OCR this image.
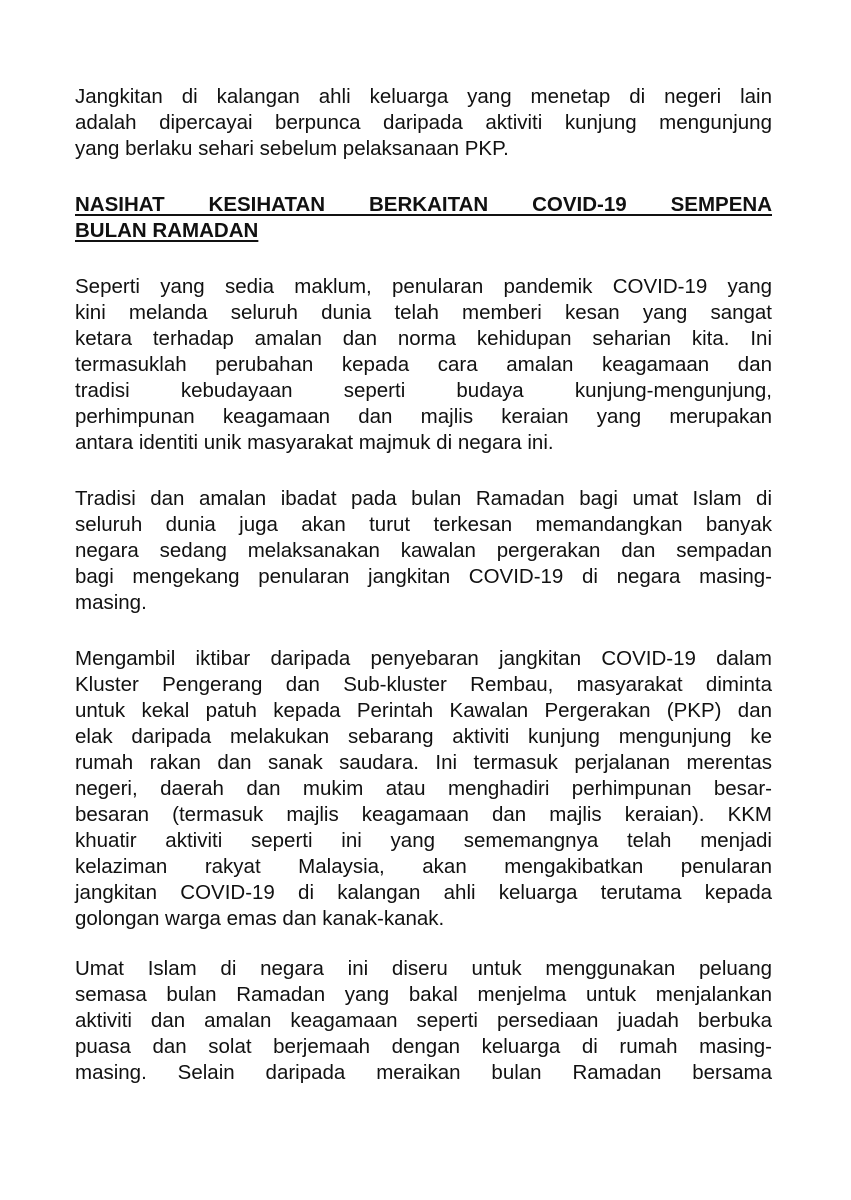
Jangkitan di kalangan ahli keluarga yang menetap di negeri lain
adalah dipercayai berpunca daripada aktiviti kunjung mengunjung
yang berlaku sehari sebelum pelaksanaan PKP.
NASIHAT KESIHATAN BERKAITAN COVID-19 SEMPENA
BULAN RAMADAN
Seperti yang sedia maklum, penularan pandemik COVID-19 yang
kini melanda seluruh dunia telah memberi kesan yang sangat
ketara terhadap amalan dan norma kehidupan seharian kita. Ini
termasuklah perubahan kepada cara amalan keagamaan dan
tradisi kebudayaan seperti budaya kunjung-mengunjung,
perhimpunan keagamaan dan majlis keraian yang merupakan
antara identiti unik masyarakat majmuk di negara ini.
Tradisi dan amalan ibadat pada bulan Ramadan bagi umat Islam di
seluruh dunia juga akan turut terkesan memandangkan banyak
negara sedang melaksanakan kawalan pergerakan dan sempadan
bagi mengekang penularan jangkitan COVID-19 di negara masing-
masing.
Mengambil iktibar daripada penyebaran jangkitan COVID-19 dalam
Kluster Pengerang dan Sub-kluster Rembau, masyarakat diminta
untuk kekal patuh kepada Perintah Kawalan Pergerakan (PKP) dan
elak daripada melakukan sebarang aktiviti kunjung mengunjung ke
rumah rakan dan sanak saudara. Ini termasuk perjalanan merentas
negeri, daerah dan mukim atau menghadiri perhimpunan besar-
besaran (termasuk majlis keagamaan dan majlis keraian). KKM
khuatir aktiviti seperti ini yang sememangnya telah menjadi
kelaziman rakyat Malaysia, akan mengakibatkan penularan
jangkitan COVID-19 di kalangan ahli keluarga terutama kepada
golongan warga emas dan kanak-kanak.
Umat Islam di negara ini diseru untuk menggunakan peluang
semasa bulan Ramadan yang bakal menjelma untuk menjalankan
aktiviti dan amalan keagamaan seperti persediaan juadah berbuka
puasa dan solat berjemaah dengan keluarga di rumah masing-
masing. Selain daripada meraikan bulan Ramadan bersama
